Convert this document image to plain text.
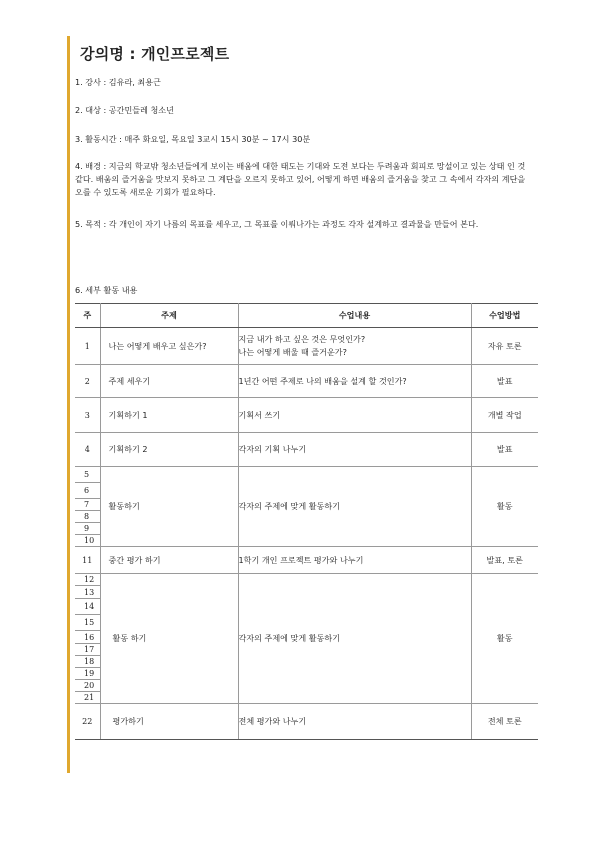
강의명 : 개인프로젝트

1. 강사 : 김유라, 최용근

2. 대상 : 공간민들레 청소년

3. 활동시간 : 매주 화요일, 목요일 3교시 15시 30분 ~ 17시 30분

4. 배경 : 지금의 학교밖 청소년들에게 보이는 배움에 대한 태도는 기대와 도전 보다는 두려움과 회피로 망설이고 있는 상태 인 것 같다. 배움의 즐거움을 맛보지 못하고 그 계단을 오르지 못하고 있어, 어떻게 하면 배움의 즐거움을 찾고 그 속에서 각자의 계단을 오를 수 있도록 새로운 기회가 필요하다.

5. 목적 : 각 개인이 자기 나름의 목표를 세우고, 그 목표를 이뤄나가는 과정도 각자 설계하고 결과물을 만들어 본다.

6. 세부 활동 내용

주	주제	수업내용	수업방법
1	나는 어떻게 배우고 싶은가?	지금 내가 하고 싶은 것은 무엇인가?
나는 어떻게 배울 때 즐거운가?	자유 토론
2	주제 세우기	1년간 어떤 주제로 나의 배움을 설계 할 것인가?	발표
3	기획하기 1	기획서 쓰기	개별 작업
4	기획하기 2	각자의 기획 나누기	발표
5	활동하기	각자의 주제에 맞게 활동하기	활동
6			
7			
8			
9			
10			
11	중간 평가 하기	1학기 개인 프로젝트 평가와 나누기	발표, 토론
12	활동 하기	각자의 주제에 맞게 활동하기	활동
13			
14			
15			
16			
17			
18			
19			
20			
21			
22	평가하기	전체 평가와 나누기	전체 토론
